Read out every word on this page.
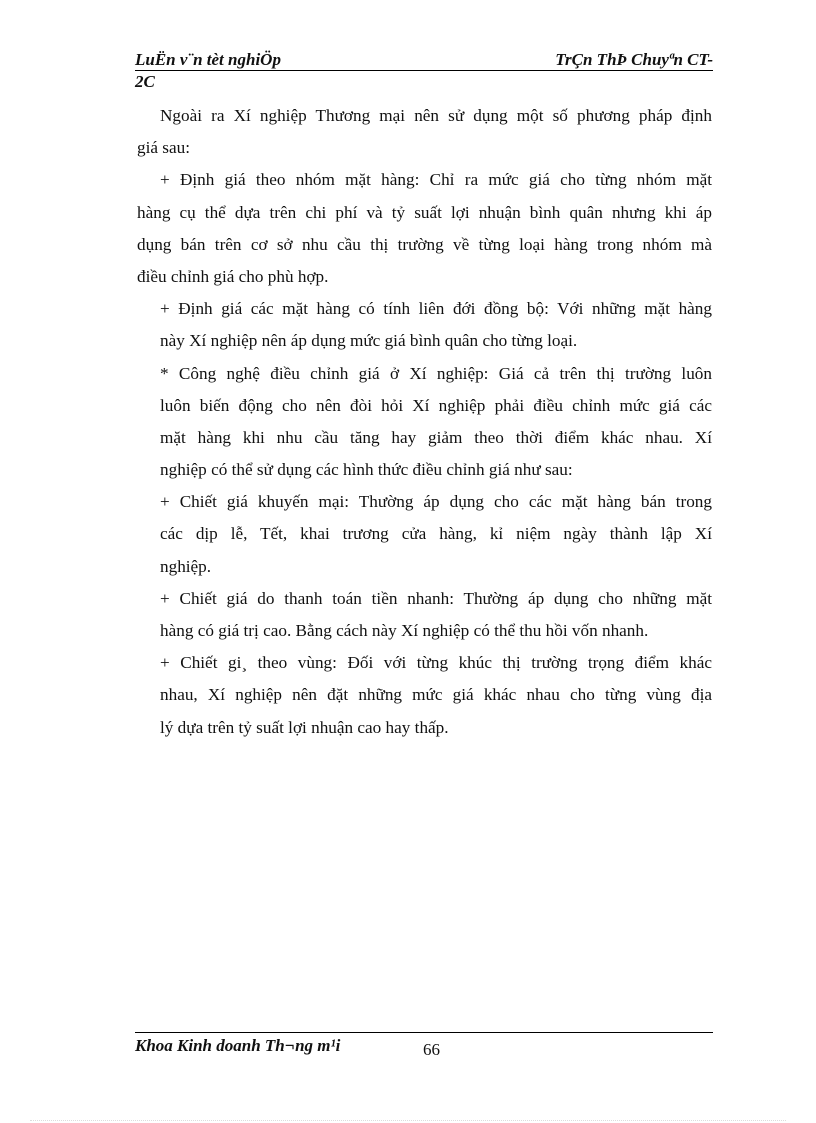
LuËn v¨n tèt nghiÖp	TrÇn ThÞ Chuyªn CT-
2C
Ngoài ra Xí nghiệp Thương mại nên sử dụng một số phương pháp định
giá sau:
+ Định giá theo nhóm mặt hàng: Chỉ ra mức giá cho từng nhóm mặt
hàng cụ thể dựa trên chi phí và tỷ suất lợi nhuận bình quân nhưng khi áp
dụng bán trên cơ sở nhu cầu thị trường về từng loại hàng trong nhóm mà
điều chỉnh giá cho phù hợp.
+ Định giá các mặt hàng có tính liên đới đồng bộ: Với những mặt hàng
này Xí nghiệp nên áp dụng mức giá bình quân cho từng loại.
* Công nghệ điều chỉnh giá ở Xí nghiệp: Giá cả trên thị trường luôn
luôn biến động cho nên đòi hỏi Xí nghiệp phải điều chỉnh mức giá các
mặt hàng khi nhu cầu tăng hay giảm theo thời điểm khác nhau. Xí
nghiệp có thể sử dụng các hình thức điều chỉnh giá như sau:
+ Chiết giá khuyến mại: Thường áp dụng cho các mặt hàng bán trong
các dịp lễ, Tết, khai trương cửa hàng, kỉ niệm ngày thành lập Xí
nghiệp.
+ Chiết giá do thanh toán tiền nhanh: Thường áp dụng cho những mặt
hàng có giá trị cao. Bằng cách này Xí nghiệp có thể thu hồi vốn nhanh.
+ Chiết gi¸ theo vùng: Đối với từng khúc thị trường trọng điểm khác
nhau, Xí nghiệp nên đặt những mức giá khác nhau cho từng vùng địa
lý dựa trên tỷ suất lợi nhuận cao hay thấp.
Khoa Kinh doanh Th¬ng m¹i	66
